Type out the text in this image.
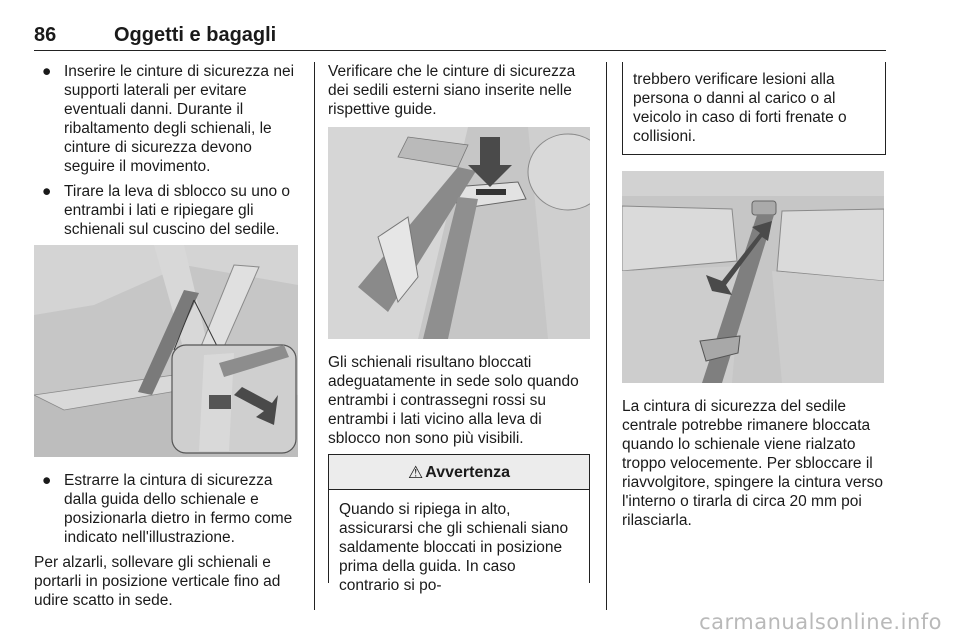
86	Oggetti e bagagli
● Inserire le cinture di sicurezza nei supporti laterali per evitare eventuali danni. Durante il ribaltamento degli schienali, le cinture di sicurezza devono seguire il movimento.
● Tirare la leva di sblocco su uno o entrambi i lati e ripiegare gli schienali sul cuscino del sedile.
● Estrarre la cintura di sicurezza dalla guida dello schienale e posizionarla dietro in fermo come indicato nell'illustrazione.

Per alzarli, sollevare gli schienali e portarli in posizione verticale fino ad udire scatto in sede.

Verificare che le cinture di sicurezza dei sedili esterni siano inserite nelle rispettive guide.

Gli schienali risultano bloccati adeguatamente in sede solo quando entrambi i contrassegni rossi su entrambi i lati vicino alla leva di sblocco non sono più visibili.

⚠ Avvertenza
Quando si ripiega in alto, assicurarsi che gli schienali siano saldamente bloccati in posizione prima della guida. In caso contrario si po-
trebbero verificare lesioni alla persona o danni al carico o al veicolo in caso di forti frenate o collisioni.

La cintura di sicurezza del sedile centrale potrebbe rimanere bloccata quando lo schienale viene rialzato troppo velocemente. Per sbloccare il riavvolgitore, spingere la cintura verso l'interno o tirarla di circa 20 mm poi rilasciarla.

carmanualsonline.info
